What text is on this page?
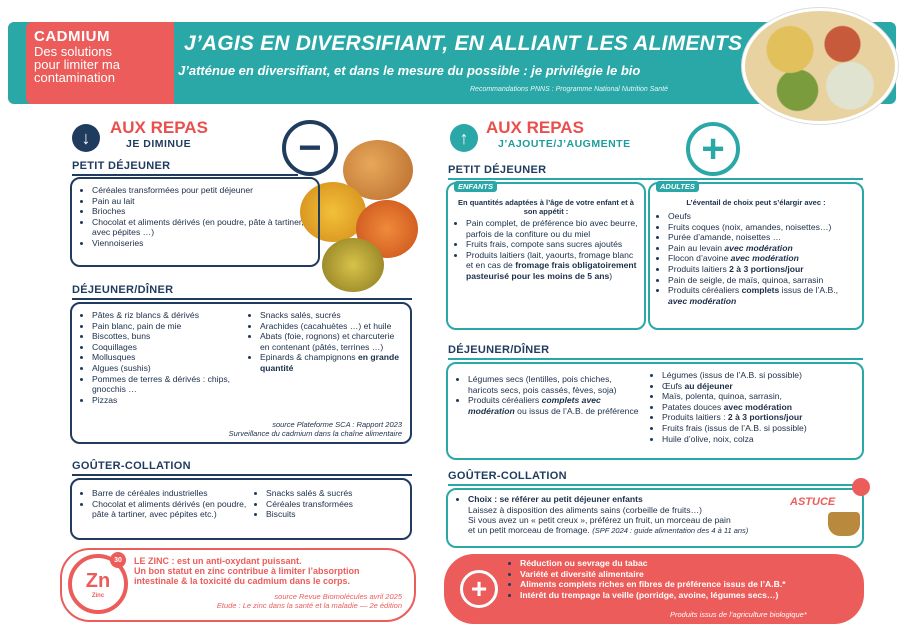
CADMIUM
Des solutions
pour limiter ma
contamination
J’AGIS EN DIVERSIFIANT, EN ALLIANT LES ALIMENTS
J’atténue en diversifiant, et dans le mesure du possible : je privilégie le bio
Recommandations PNNS : Programme National Nutrition Santé
↓	AUX REPAS
JE DIMINUE	−
PETIT DÉJEUNER
• Céréales transformées pour petit déjeuner
• Pain au lait
• Brioches
• Chocolat et aliments dérivés (en poudre, pâte à tartiner, avec pépites …)
• Viennoiseries
DÉJEUNER/DÎNER
• Pâtes & riz blancs & dérivés
• Pain blanc, pain de mie
• Biscottes, buns
• Coquillages
• Mollusques
• Algues (sushis)
• Pommes de terres & dérivés : chips, gnocchis …
• Pizzas
• Snacks salés, sucrés
• Arachides (cacahuètes …) et huile
• Abats (foie, rognons) et charcuterie en contenant (pâtés, terrines …)
• Epinards & champignons en grande quantité
source Plateforme SCA : Rapport 2023
Surveillance du cadmium dans la chaîne alimentaire
GOÛTER-COLLATION
• Barre de céréales industrielles
• Chocolat et aliments dérivés (en poudre, pâte à tartiner, avec pépites etc.)
• Snacks salés & sucrés
• Céréales transformées
• Biscuits
Zn
Zinc
30	LE ZINC : est un anti-oxydant puissant.
Un bon statut en zinc contribue à limiter l’absorption
intestinale & la toxicité du cadmium dans le corps.
source Revue Biomolécules avril 2025
Etude : Le zinc dans la santé et la maladie — 2e édition
↑	AUX REPAS
J’AJOUTE/J’AUGMENTE +
PETIT DÉJEUNER
ENFANTS
En quantités adaptées à l’âge de votre enfant et à son appétit :
• Pain complet, de préférence bio avec beurre, parfois de la confiture ou du miel
• Fruits frais, compote sans sucres ajoutés
• Produits laitiers (lait, yaourts, fromage blanc et en cas de fromage frais obligatoirement pasteurisé pour les moins de 5 ans)
ADULTES
L’éventail de choix peut s’élargir avec :
• Oeufs
• Fruits coques (noix, amandes, noisettes…)
• Purée d’amande, noisettes …
• Pain au levain avec modération
• Flocon d’avoine avec modération
• Produits laitiers 2 à 3 portions/jour
• Pain de seigle, de maïs, quinoa, sarrasin
• Produits céréaliers complets issus de l’A.B., avec modération
DÉJEUNER/DÎNER
• Légumes secs (lentilles, pois chiches, haricots secs, pois cassés, fèves, soja)
• Produits céréaliers complets avec modération ou issus de l’A.B. de préférence
• Légumes (issus de l’A.B. si possible)
• Œufs au déjeuner
• Maïs, polenta, quinoa, sarrasin,
• Patates douces avec modération
• Produits laitiers : 2 à 3 portions/jour
• Fruits frais (issus de l’A.B. si possible)
• Huile d’olive, noix, colza
GOÛTER-COLLATION
• Choix : se référer au petit déjeuner enfants
Laissez à disposition des aliments sains (corbeille de fruits…)
Si vous avez un « petit creux », préférez un fruit, un morceau de pain
et un petit morceau de fromage. (SPF 2024 : guide alimentation des 4 à 11 ans)
ASTUCE
+
• Réduction ou sevrage du tabac
• Variété et diversité alimentaire
• Aliments complets riches en fibres de préférence issus de l’A.B.*
• Intérêt du trempage la veille (porridge, avoine, légumes secs…)
Produits issus de l’agriculture biologique*
